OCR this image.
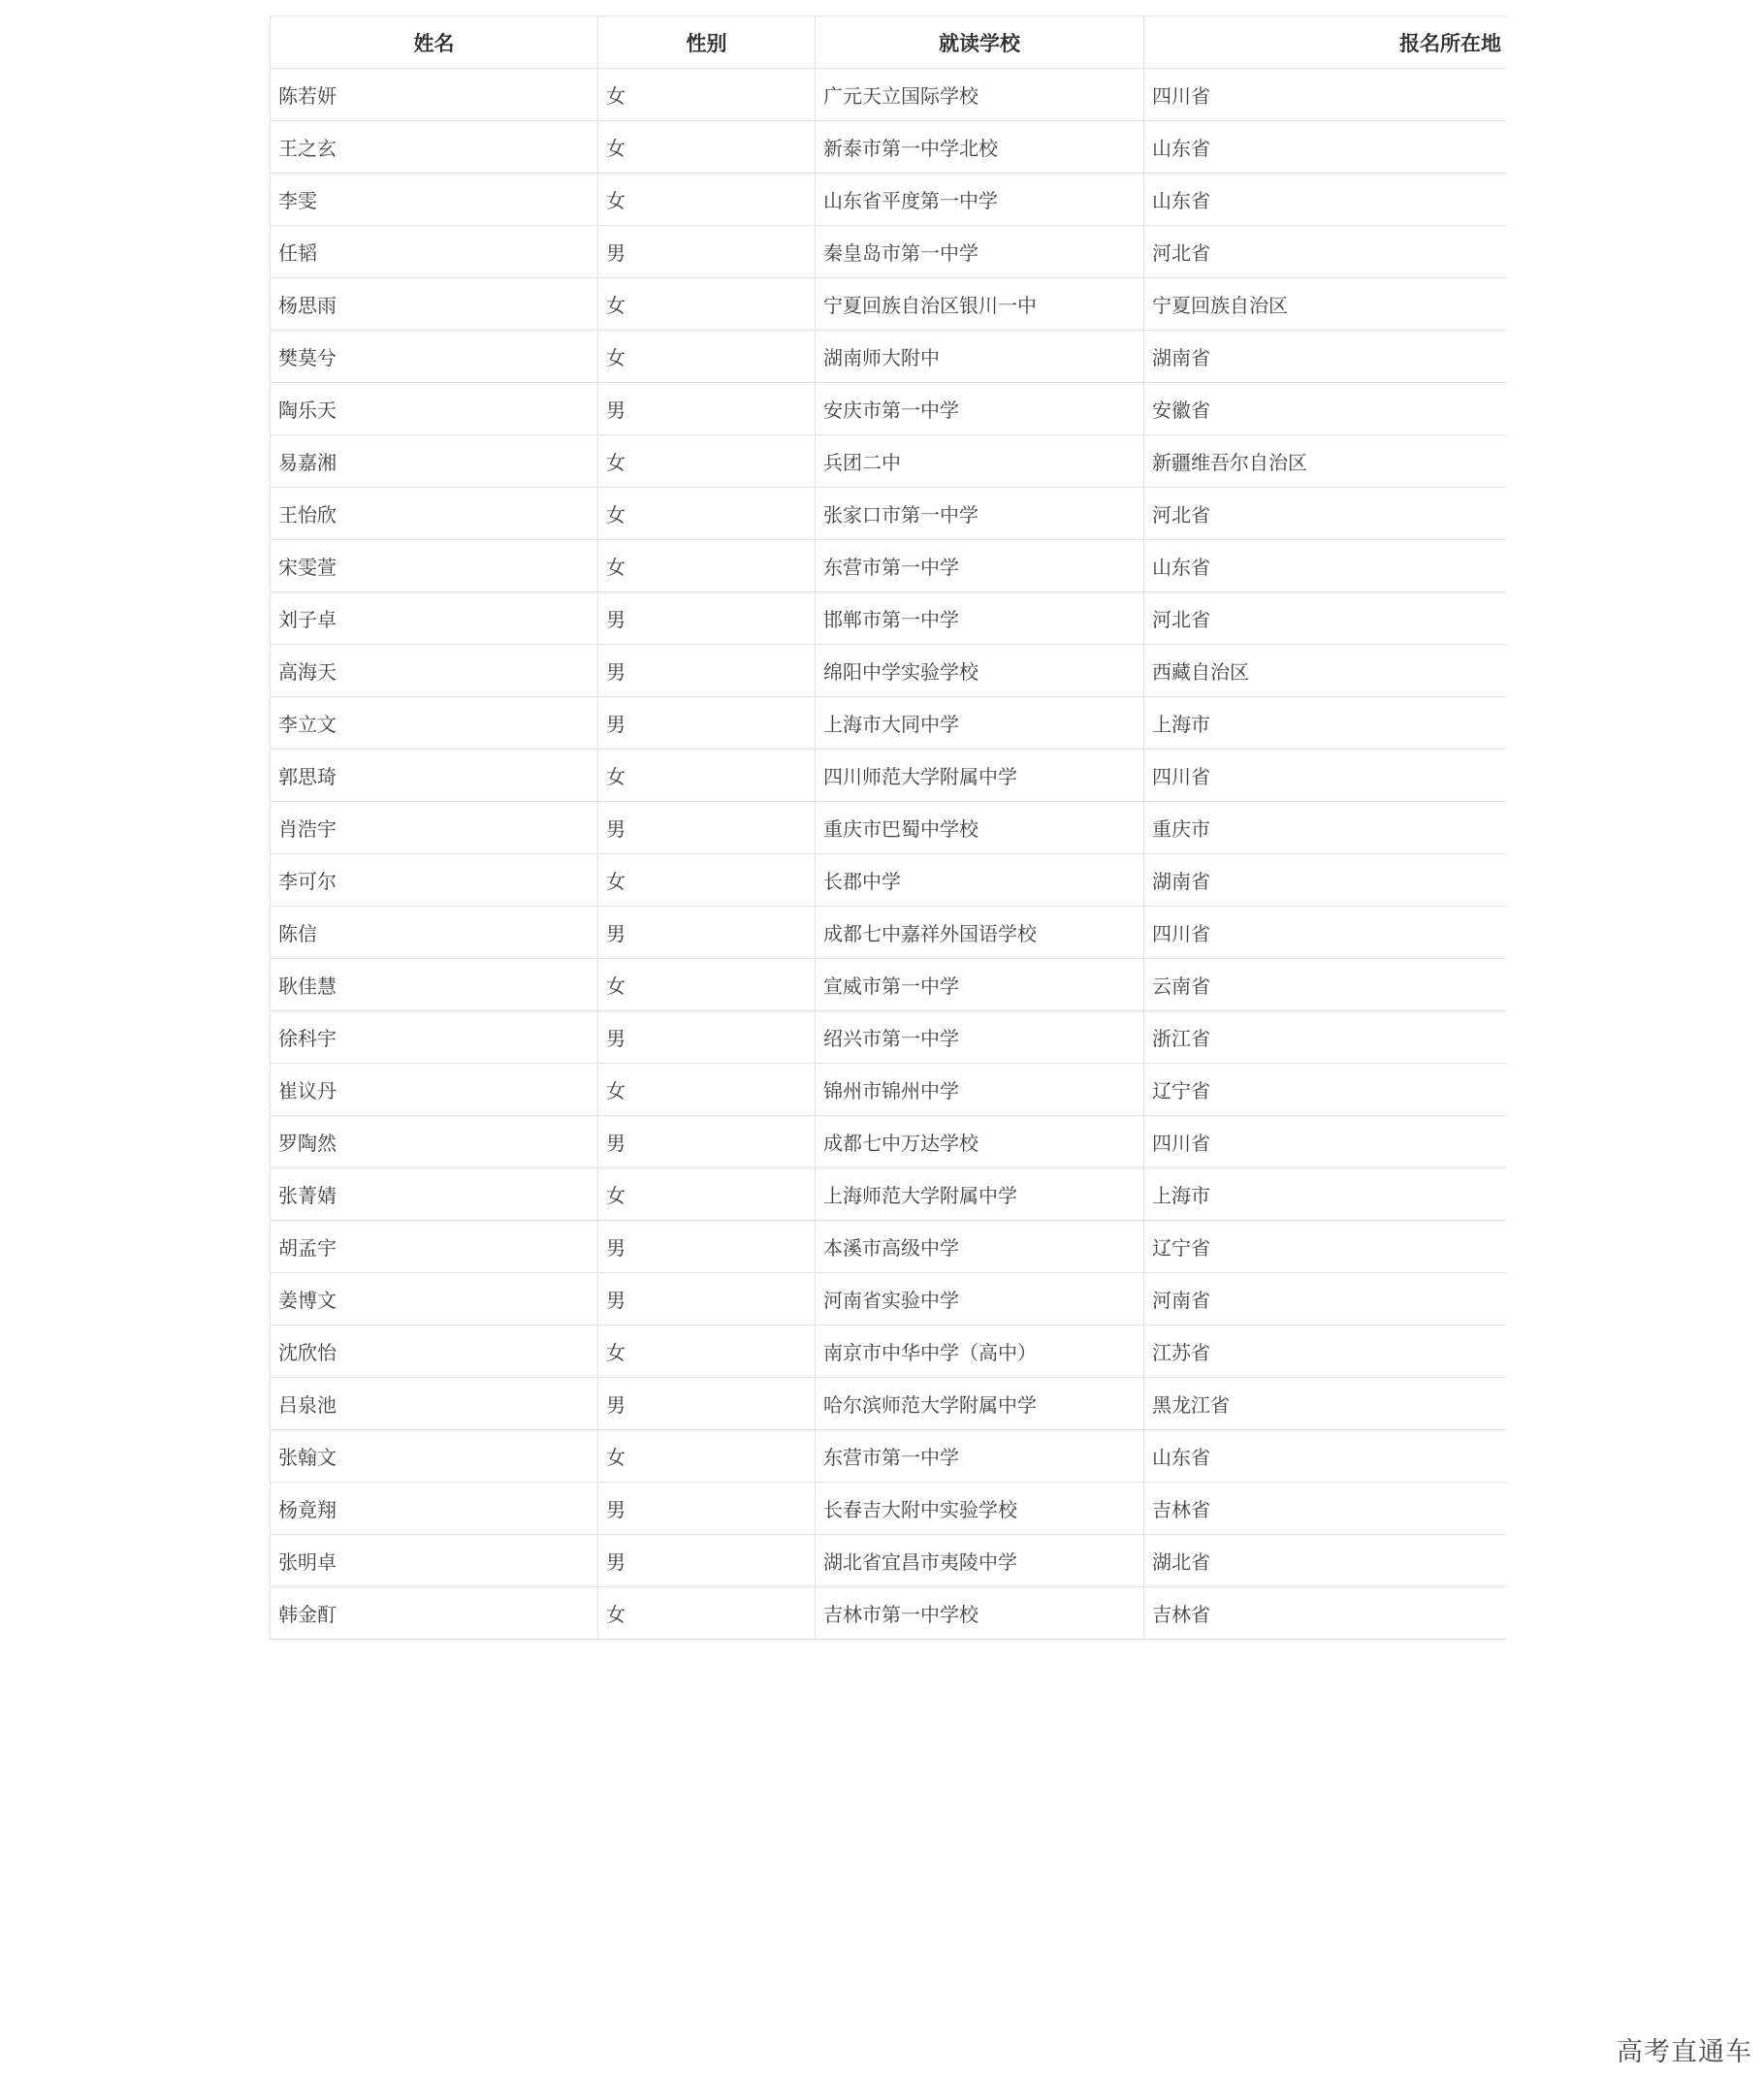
姓名	性别	就读学校	报名所在地
陈若妍	女	广元天立国际学校	四川省
王之玄	女	新泰市第一中学北校	山东省
李雯	女	山东省平度第一中学	山东省
任韬	男	秦皇岛市第一中学	河北省
杨思雨	女	宁夏回族自治区银川一中	宁夏回族自治区
樊莫兮	女	湖南师大附中	湖南省
陶乐天	男	安庆市第一中学	安徽省
易嘉湘	女	兵团二中	新疆维吾尔自治区
王怡欣	女	张家口市第一中学	河北省
宋雯萱	女	东营市第一中学	山东省
刘子卓	男	邯郸市第一中学	河北省
高海天	男	绵阳中学实验学校	西藏自治区
李立文	男	上海市大同中学	上海市
郭思琦	女	四川师范大学附属中学	四川省
肖浩宇	男	重庆市巴蜀中学校	重庆市
李可尔	女	长郡中学	湖南省
陈信	男	成都七中嘉祥外国语学校	四川省
耿佳慧	女	宣威市第一中学	云南省
徐科宇	男	绍兴市第一中学	浙江省
崔议丹	女	锦州市锦州中学	辽宁省
罗陶然	男	成都七中万达学校	四川省
张菁婧	女	上海师范大学附属中学	上海市
胡孟宇	男	本溪市高级中学	辽宁省
姜博文	男	河南省实验中学	河南省
沈欣怡	女	南京市中华中学（高中）	江苏省
吕泉池	男	哈尔滨师范大学附属中学	黑龙江省
张翰文	女	东营市第一中学	山东省
杨竟翔	男	长春吉大附中实验学校	吉林省
张明卓	男	湖北省宜昌市夷陵中学	湖北省
韩金酊	女	吉林市第一中学校	吉林省
高考直通车
